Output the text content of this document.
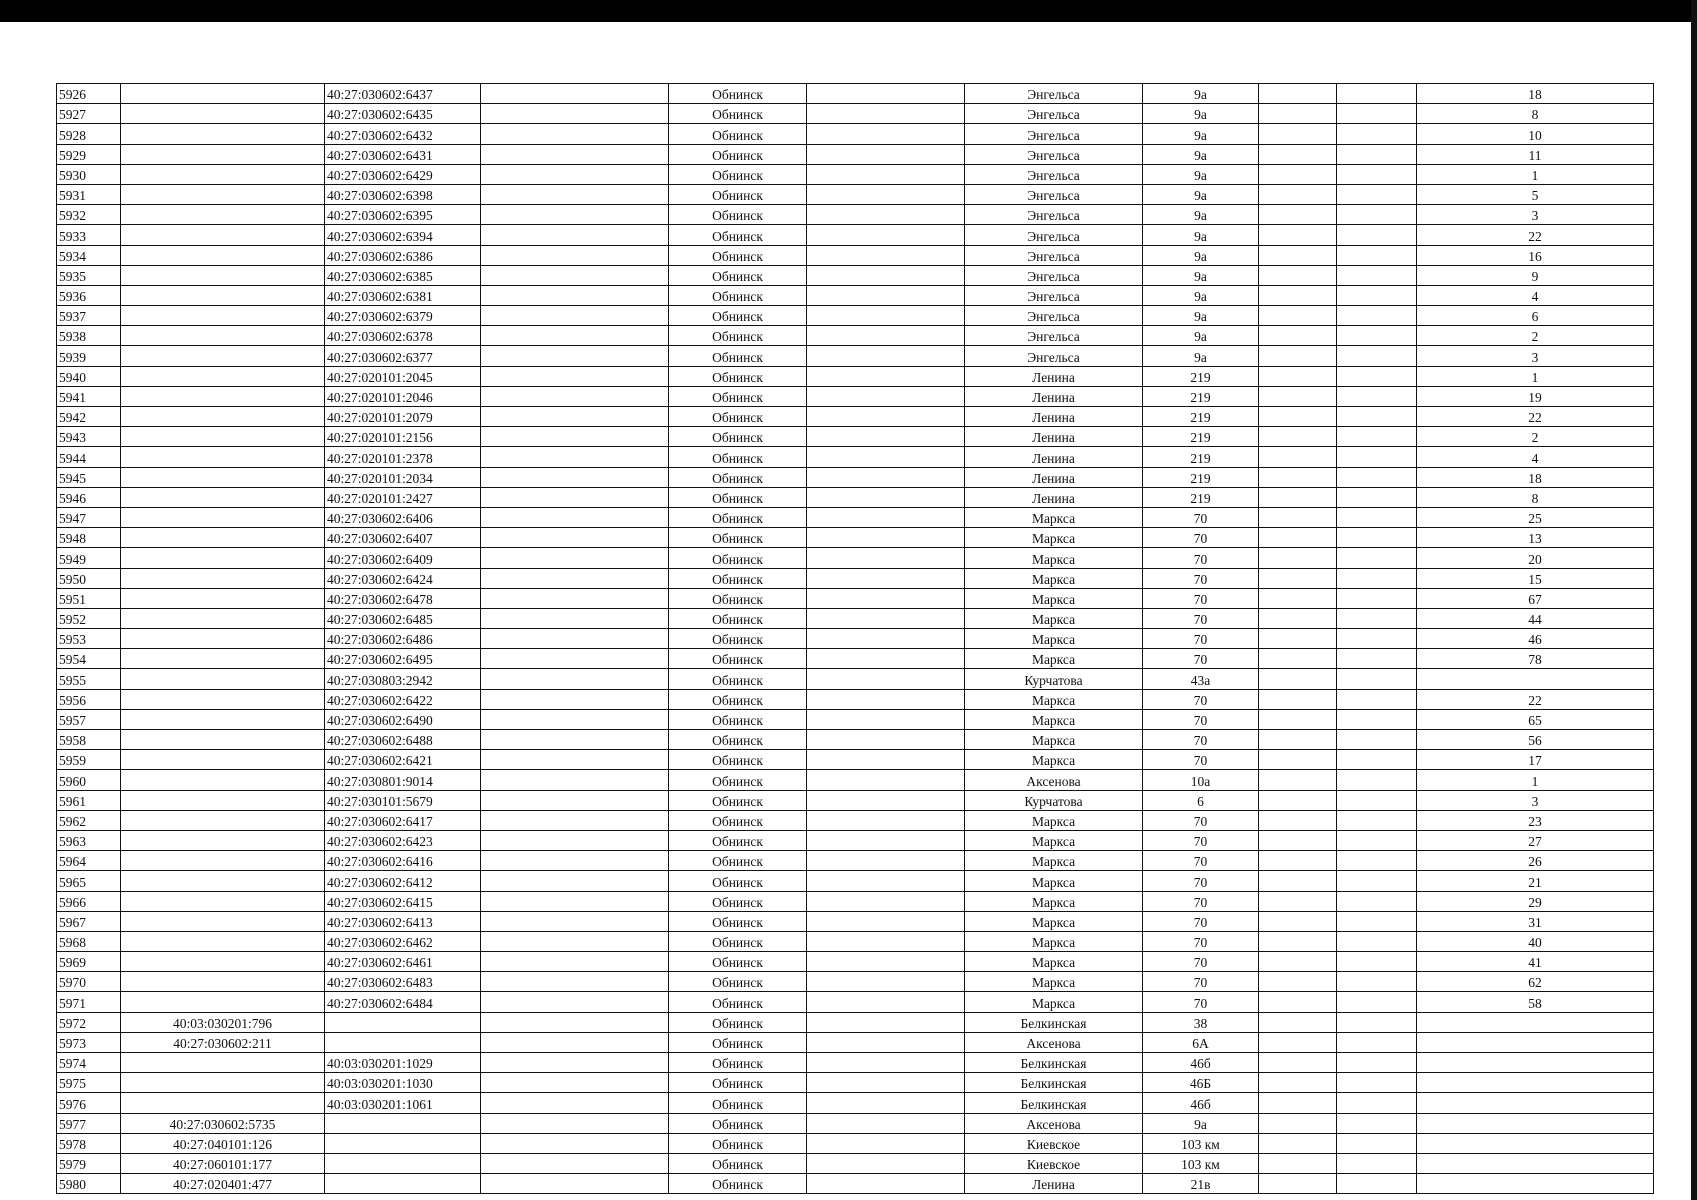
5926		40:27:030602:6437		Обнинск		Энгельса	9а			18
5927		40:27:030602:6435		Обнинск		Энгельса	9а			8
5928		40:27:030602:6432		Обнинск		Энгельса	9а			10
5929		40:27:030602:6431		Обнинск		Энгельса	9а			11
5930		40:27:030602:6429		Обнинск		Энгельса	9а			1
5931		40:27:030602:6398		Обнинск		Энгельса	9а			5
5932		40:27:030602:6395		Обнинск		Энгельса	9а			3
5933		40:27:030602:6394		Обнинск		Энгельса	9а			22
5934		40:27:030602:6386		Обнинск		Энгельса	9а			16
5935		40:27:030602:6385		Обнинск		Энгельса	9а			9
5936		40:27:030602:6381		Обнинск		Энгельса	9а			4
5937		40:27:030602:6379		Обнинск		Энгельса	9а			6
5938		40:27:030602:6378		Обнинск		Энгельса	9а			2
5939		40:27:030602:6377		Обнинск		Энгельса	9а			3
5940		40:27:020101:2045		Обнинск		Ленина	219			1
5941		40:27:020101:2046		Обнинск		Ленина	219			19
5942		40:27:020101:2079		Обнинск		Ленина	219			22
5943		40:27:020101:2156		Обнинск		Ленина	219			2
5944		40:27:020101:2378		Обнинск		Ленина	219			4
5945		40:27:020101:2034		Обнинск		Ленина	219			18
5946		40:27:020101:2427		Обнинск		Ленина	219			8
5947		40:27:030602:6406		Обнинск		Маркса	70			25
5948		40:27:030602:6407		Обнинск		Маркса	70			13
5949		40:27:030602:6409		Обнинск		Маркса	70			20
5950		40:27:030602:6424		Обнинск		Маркса	70			15
5951		40:27:030602:6478		Обнинск		Маркса	70			67
5952		40:27:030602:6485		Обнинск		Маркса	70			44
5953		40:27:030602:6486		Обнинск		Маркса	70			46
5954		40:27:030602:6495		Обнинск		Маркса	70			78
5955		40:27:030803:2942		Обнинск		Курчатова	43а			
5956		40:27:030602:6422		Обнинск		Маркса	70			22
5957		40:27:030602:6490		Обнинск		Маркса	70			65
5958		40:27:030602:6488		Обнинск		Маркса	70			56
5959		40:27:030602:6421		Обнинск		Маркса	70			17
5960		40:27:030801:9014		Обнинск		Аксенова	10а			1
5961		40:27:030101:5679		Обнинск		Курчатова	6			3
5962		40:27:030602:6417		Обнинск		Маркса	70			23
5963		40:27:030602:6423		Обнинск		Маркса	70			27
5964		40:27:030602:6416		Обнинск		Маркса	70			26
5965		40:27:030602:6412		Обнинск		Маркса	70			21
5966		40:27:030602:6415		Обнинск		Маркса	70			29
5967		40:27:030602:6413		Обнинск		Маркса	70			31
5968		40:27:030602:6462		Обнинск		Маркса	70			40
5969		40:27:030602:6461		Обнинск		Маркса	70			41
5970		40:27:030602:6483		Обнинск		Маркса	70			62
5971		40:27:030602:6484		Обнинск		Маркса	70			58
5972	40:03:030201:796			Обнинск		Белкинская	38			
5973	40:27:030602:211			Обнинск		Аксенова	6А			
5974		40:03:030201:1029		Обнинск		Белкинская	46б			
5975		40:03:030201:1030		Обнинск		Белкинская	46Б			
5976		40:03:030201:1061		Обнинск		Белкинская	46б			
5977	40:27:030602:5735			Обнинск		Аксенова	9а			
5978	40:27:040101:126			Обнинск		Киевское	103 км			
5979	40:27:060101:177			Обнинск		Киевское	103 км			
5980	40:27:020401:477			Обнинск		Ленина	21в			
